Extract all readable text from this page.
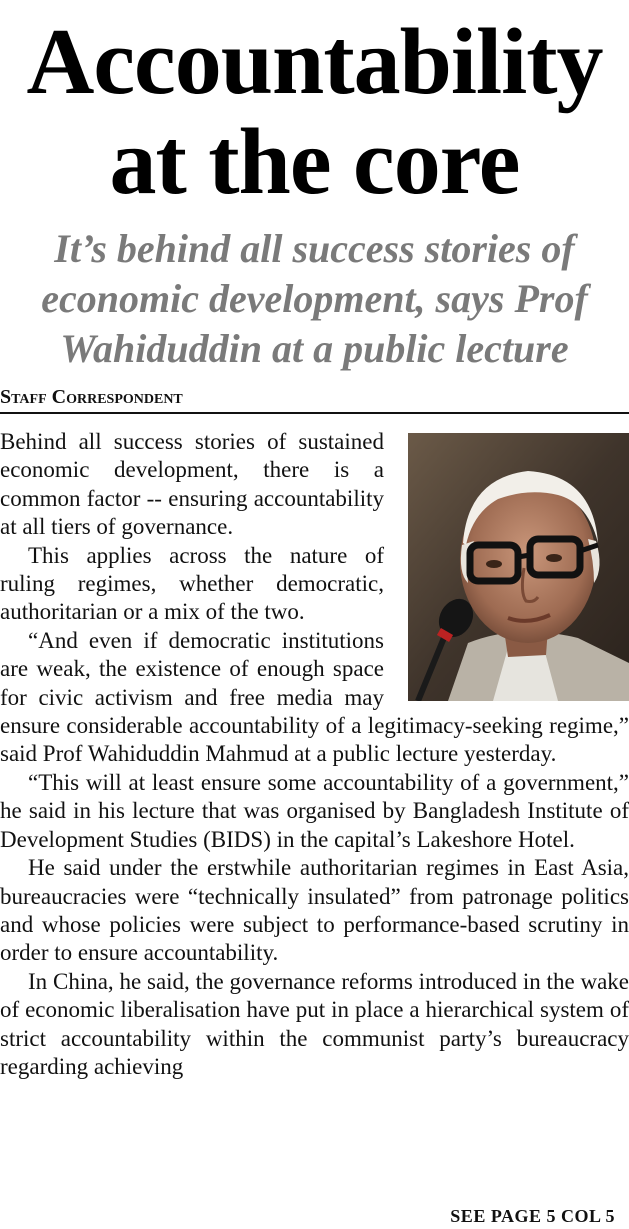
Accountability
at the core
It’s behind all success stories of
economic development, says Prof
Wahiduddin at a public lecture
Staff Correspondent

Behind all success stories of sustained economic development, there is a common factor -- ensuring accountability at all tiers of governance.

This applies across the nature of ruling regimes, whether democratic, authoritarian or a mix of the two.

“And even if democratic institutions are weak, the existence of enough space for civic activism and free media may ensure considerable accountability of a legitimacy-seeking regime,” said Prof Wahiduddin Mahmud at a public lecture yesterday.

“This will at least ensure some accountability of a government,” he said in his lecture that was organised by Bangladesh Institute of Development Studies (BIDS) in the capital’s Lakeshore Hotel.

He said under the erstwhile authoritarian regimes in East Asia, bureaucracies were “technically insulated” from patronage politics and whose policies were subject to performance-based scrutiny in order to ensure accountability.

In China, he said, the governance reforms introduced in the wake of economic liberalisation have put in place a hierarchical system of strict accountability within the communist party’s bureaucracy regarding achieving

SEE PAGE 5 COL 5
